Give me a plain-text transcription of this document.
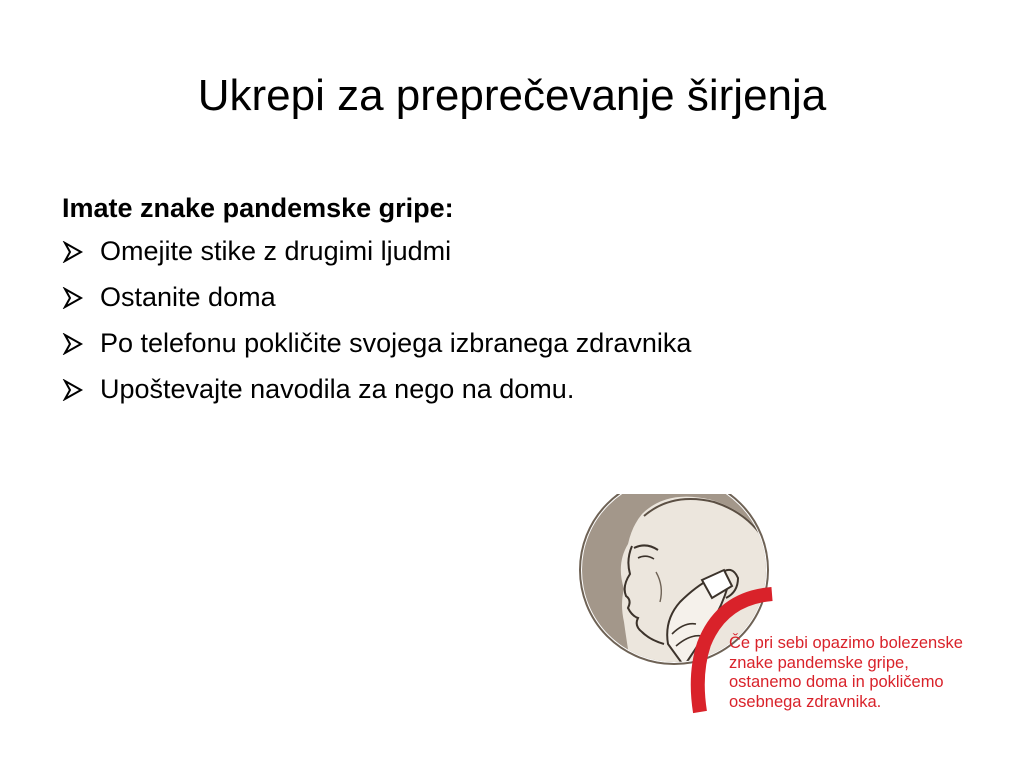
Ukrepi za preprečevanje širjenja

Imate znake pandemske gripe:

Omejite stike z drugimi ljudmi
Ostanite doma
Po telefonu pokličite svojega izbranega zdravnika
Upoštevajte navodila za nego na domu.
Če pri sebi opazimo bolezenske
znake pandemske gripe,
ostanemo doma in pokličemo
osebnega zdravnika.
